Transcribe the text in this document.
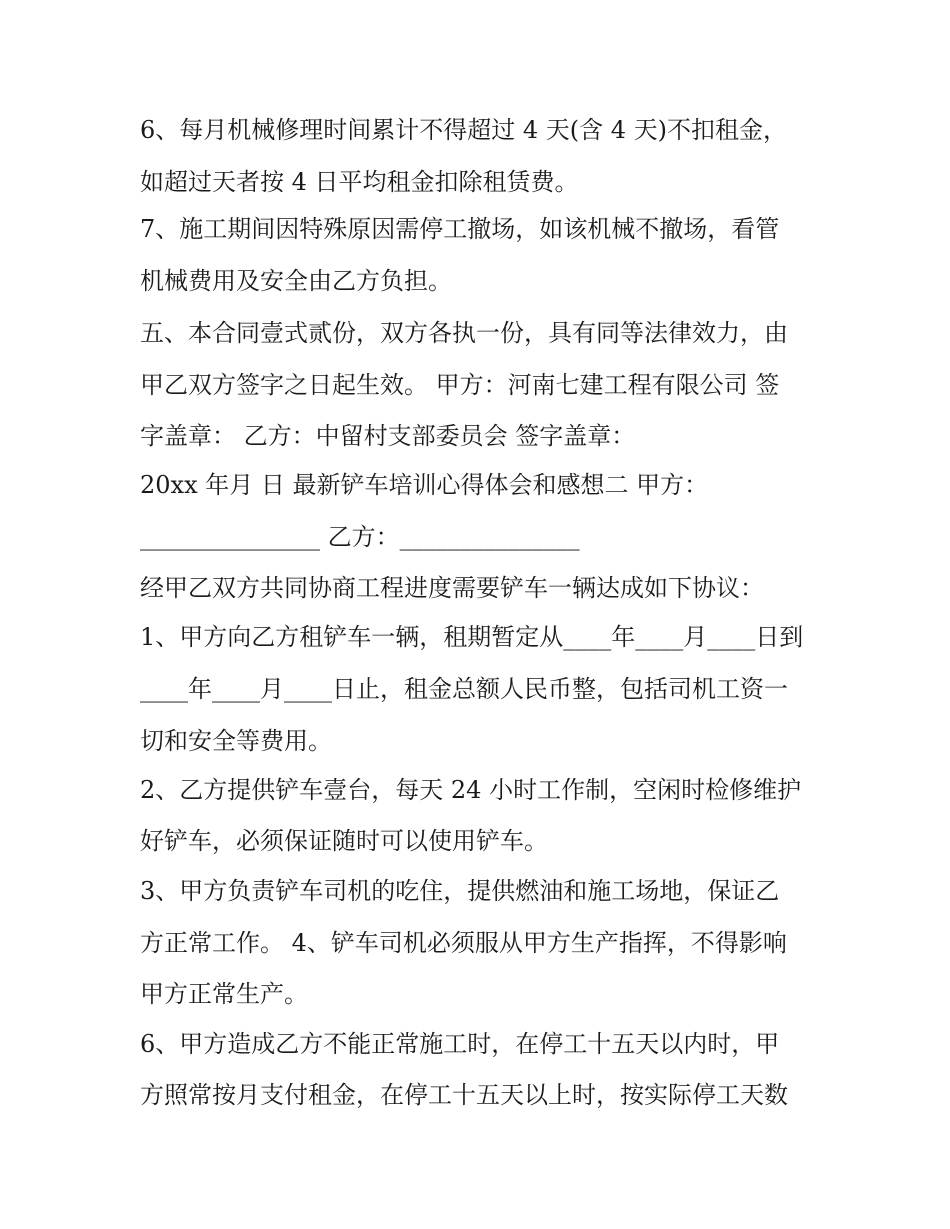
6、每月机械修理时间累计不得超过 4 天(含 4 天)不扣租金，
如超过天者按 4 日平均租金扣除租赁费。
7、施工期间因特殊原因需停工撤场，如该机械不撤场，看管
机械费用及安全由乙方负担。
五、本合同壹式贰份，双方各执一份，具有同等法律效力，由
甲乙双方签字之日起生效。 甲方：河南七建工程有限公司 签
字盖章： 乙方：中留村支部委员会 签字盖章：
20xx 年月 日 最新铲车培训心得体会和感想二 甲方：
_______________ 乙方：_______________
经甲乙双方共同协商工程进度需要铲车一辆达成如下协议：
1、甲方向乙方租铲车一辆，租期暂定从____年____月____日到
____年____月____日止，租金总额人民币整，包括司机工资一
切和安全等费用。
2、乙方提供铲车壹台，每天 24 小时工作制，空闲时检修维护
好铲车，必须保证随时可以使用铲车。
3、甲方负责铲车司机的吃住，提供燃油和施工场地，保证乙
方正常工作。 4、铲车司机必须服从甲方生产指挥，不得影响
甲方正常生产。
6、甲方造成乙方不能正常施工时，在停工十五天以内时，甲
方照常按月支付租金，在停工十五天以上时，按实际停工天数
